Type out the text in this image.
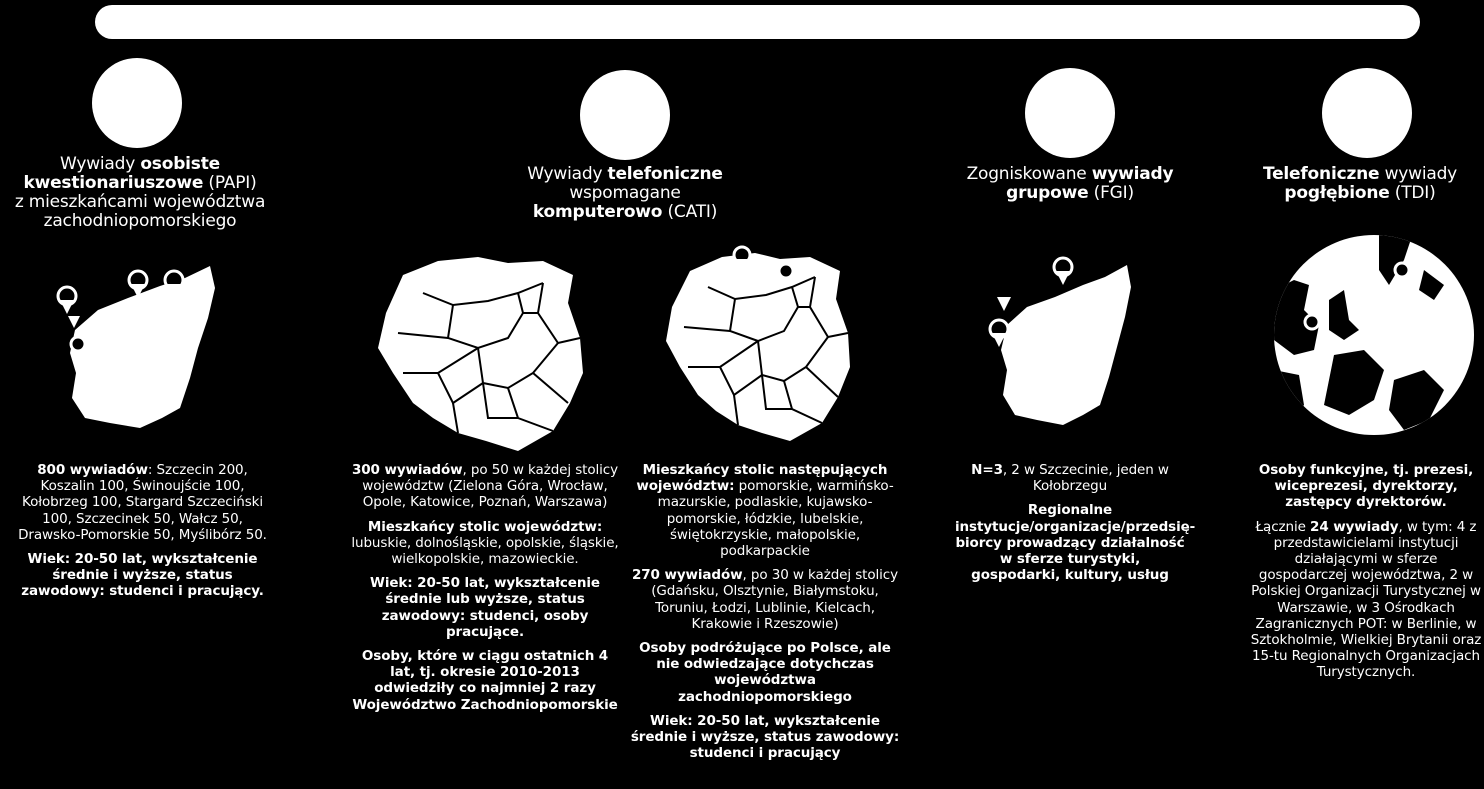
Wywiady osobiste
kwestionariuszowe (PAPI)
z mieszkańcami województwa
zachodniopomorskiego
Wywiady telefoniczne
wspomagane
komputerowo (CATI)
Zogniskowane wywiady
grupowe (FGI)
Telefoniczne wywiady
pogłębione (TDI)

800 wywiadów: Szczecin 200, Koszalin 100, Świnoujście 100, Kołobrzeg 100, Stargard Szczeciński 100, Szczecinek 50, Wałcz 50, Drawsko-Pomorskie 50, Myślibórz 50.

Wiek: 20-50 lat, wykształcenie średnie i wyższe, status zawodowy: studenci i pracujący.

300 wywiadów, po 50 w każdej stolicy województw (Zielona Góra, Wrocław, Opole, Katowice, Poznań, Warszawa)

Mieszkańcy stolic województw:
lubuskie, dolnośląskie, opolskie, śląskie, wielkopolskie, mazowieckie.

Wiek: 20-50 lat, wykształcenie średnie lub wyższe, status zawodowy: studenci, osoby pracujące.

Osoby, które w ciągu ostatnich 4 lat, tj. okresie 2010-2013 odwiedziły co najmniej 2 razy Województwo Zachodniopomorskie

Mieszkańcy stolic następujących województw: pomorskie, warmińsko-mazurskie, podlaskie, kujawsko-pomorskie, łódzkie, lubelskie, świętokrzyskie, małopolskie, podkarpackie

270 wywiadów, po 30 w każdej stolicy (Gdańsku, Olsztynie, Białymstoku, Toruniu, Łodzi, Lublinie, Kielcach, Krakowie i Rzeszowie)

Osoby podróżujące po Polsce, ale nie odwiedzające dotychczas województwa zachodniopomorskiego

Wiek: 20-50 lat, wykształcenie średnie i wyższe, status zawodowy: studenci i pracujący

N=3, 2 w Szczecinie, jeden w Kołobrzegu

Regionalne instytucje/organizacje/przedsię-biorcy prowadzący działalność w sferze turystyki, gospodarki, kultury, usług

Osoby funkcyjne, tj. prezesi, wiceprezesi, dyrektorzy, zastępcy dyrektorów.

Łącznie 24 wywiady, w tym: 4 z przedstawicielami instytucji działającymi w sferze gospodarczej województwa, 2 w Polskiej Organizacji Turystycznej w Warszawie, w 3 Ośrodkach Zagranicznych POT: w Berlinie, w Sztokholmie, Wielkiej Brytanii oraz 15-tu Regionalnych Organizacjach Turystycznych.
